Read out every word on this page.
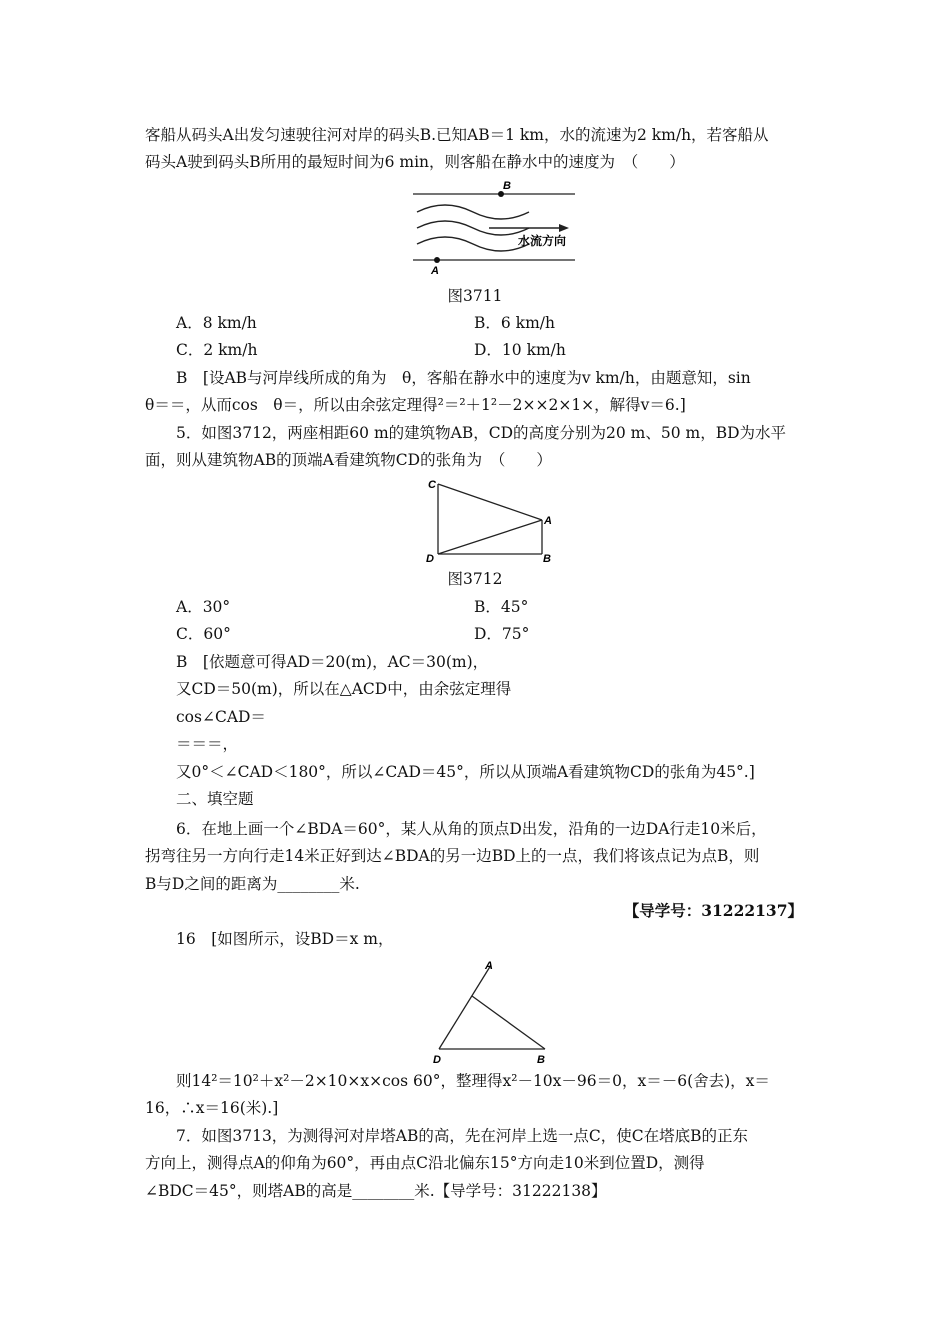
客船从码头A出发匀速驶往河对岸的码头B.已知AB＝1 km，水的流速为2 km/h，若客船从
码头A驶到码头B所用的最短时间为6 min，则客船在静水中的速度为　（　　）
B
A
水流方向
图3711
A．8 km/h	B．6 km/h
C．2 km/h	D．10 km/h
B　[设AB与河岸线所成的角为　θ，客船在静水中的速度为v km/h，由题意知，sin
θ＝＝，从而cos　θ＝，所以由余弦定理得²＝²＋1²－2××2×1×，解得v＝6.]
5．如图3712，两座相距60 m的建筑物AB，CD的高度分别为20 m、50 m，BD为水平
面，则从建筑物AB的顶端A看建筑物CD的张角为　（　　）
C
A
D	B
图3712
A．30°	B．45°
C．60°	D．75°
B　[依题意可得AD＝20(m)，AC＝30(m)，
又CD＝50(m)，所以在△ACD中，由余弦定理得
cos∠CAD＝
＝＝＝，
又0°＜∠CAD＜180°，所以∠CAD＝45°，所以从顶端A看建筑物CD的张角为45°.]
二、填空题
6．在地上画一个∠BDA＝60°，某人从角的顶点D出发，沿角的一边DA行走10米后，
拐弯往另一方向行走14米正好到达∠BDA的另一边BD上的一点，我们将该点记为点B，则
B与D之间的距离为________米.
【导学号：31222137】
16　[如图所示，设BD＝x m，
A
D	B
则14²＝10²＋x²－2×10×x×cos 60°，整理得x²－10x－96＝0，x＝－6(舍去)，x＝
16，∴x＝16(米).]
7．如图3713，为测得河对岸塔AB的高，先在河岸上选一点C，使C在塔底B的正东
方向上，测得点A的仰角为60°，再由点C沿北偏东15°方向走10米到位置D，测得
∠BDC＝45°，则塔AB的高是________米.【导学号：31222138】
